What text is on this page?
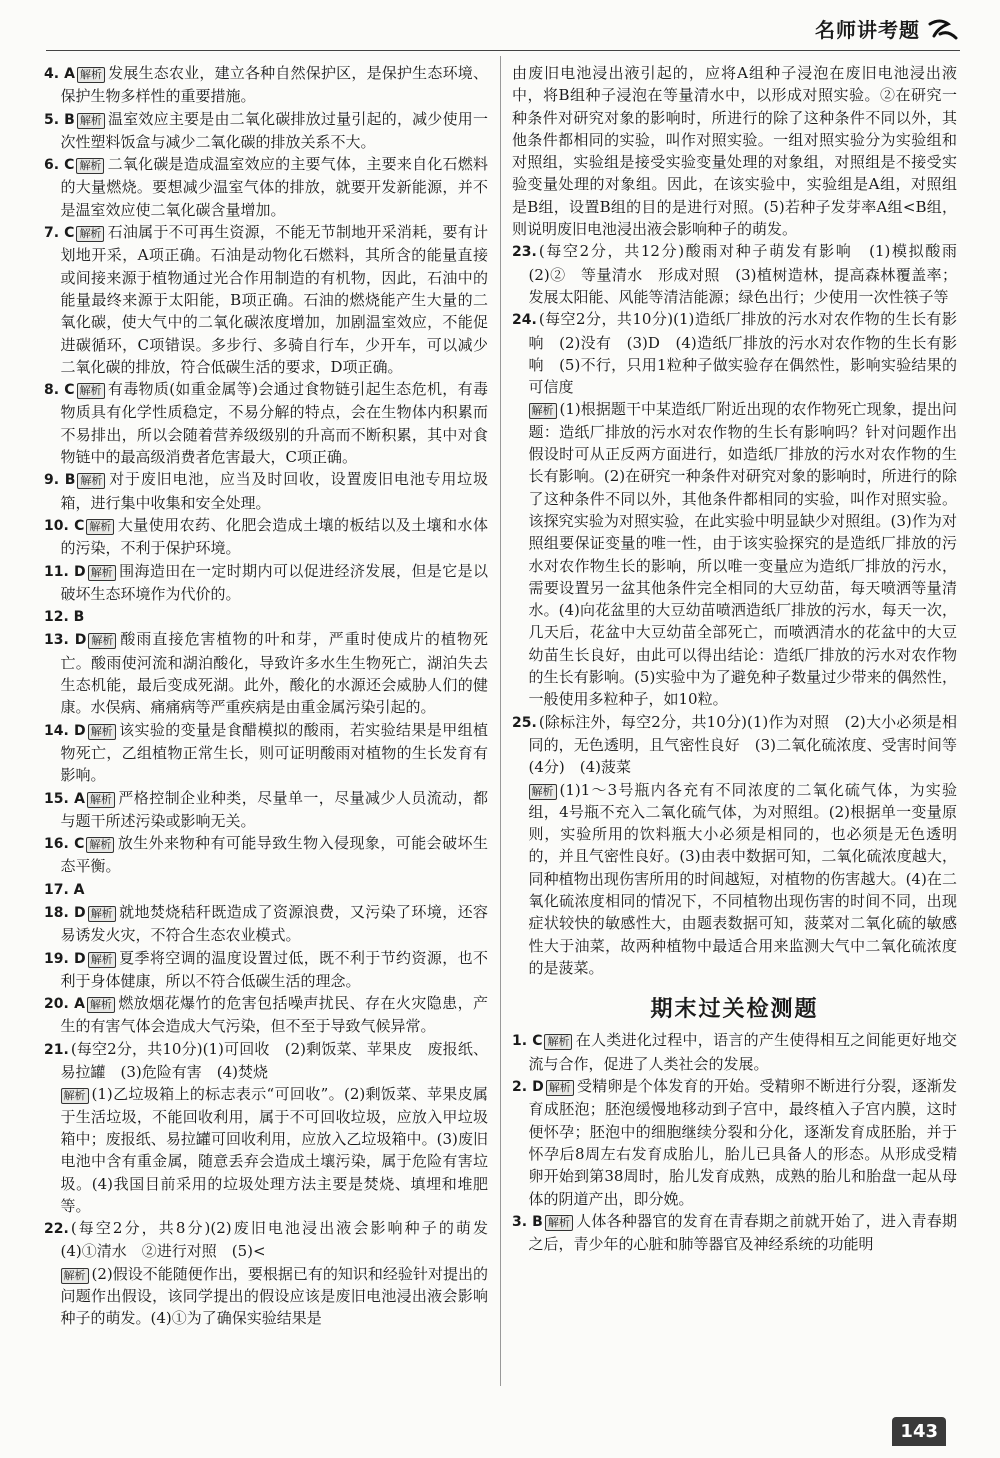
名师讲考题

4. A 解析 发展生态农业，建立各种自然保护区，是保护生态环境、保护生物多样性的重要措施。

5. B 解析 温室效应主要是由二氧化碳排放过量引起的，减少使用一次性塑料饭盒与减少二氧化碳的排放关系不大。

6. C 解析 二氧化碳是造成温室效应的主要气体，主要来自化石燃料的大量燃烧。要想减少温室气体的排放，就要开发新能源，并不是温室效应使二氧化碳含量增加。

7. C 解析 石油属于不可再生资源，不能无节制地开采消耗，要有计划地开采，A项正确。石油是动物化石燃料，其所含的能量直接或间接来源于植物通过光合作用制造的有机物，因此，石油中的能量最终来源于太阳能，B项正确。石油的燃烧能产生大量的二氧化碳，使大气中的二氧化碳浓度增加，加剧温室效应，不能促进碳循环，C项错误。多步行、多骑自行车，少开车，可以减少二氧化碳的排放，符合低碳生活的要求，D项正确。

8. C 解析 有毒物质(如重金属等)会通过食物链引起生态危机，有毒物质具有化学性质稳定，不易分解的特点，会在生物体内积累而不易排出，所以会随着营养级级别的升高而不断积累，其中对食物链中的最高级消费者危害最大，C项正确。

9. B 解析 对于废旧电池，应当及时回收，设置废旧电池专用垃圾箱，进行集中收集和安全处理。

10. C 解析 大量使用农药、化肥会造成土壤的板结以及土壤和水体的污染，不利于保护环境。

11. D 解析 围海造田在一定时期内可以促进经济发展，但是它是以破坏生态环境作为代价的。

12. B

13. D 解析 酸雨直接危害植物的叶和芽，严重时使成片的植物死亡。酸雨使河流和湖泊酸化，导致许多水生生物死亡，湖泊失去生态机能，最后变成死湖。此外，酸化的水源还会威胁人们的健康。水俣病、痛痛病等严重疾病是由重金属污染引起的。

14. D 解析 该实验的变量是食醋模拟的酸雨，若实验结果是甲组植物死亡，乙组植物正常生长，则可证明酸雨对植物的生长发育有影响。

15. A 解析 严格控制企业种类，尽量单一，尽量减少人员流动，都与题干所述污染或影响无关。

16. C 解析 放生外来物种有可能导致生物入侵现象，可能会破坏生态平衡。

17. A

18. D 解析 就地焚烧秸秆既造成了资源浪费，又污染了环境，还容易诱发火灾，不符合生态农业模式。

19. D 解析 夏季将空调的温度设置过低，既不利于节约资源，也不利于身体健康，所以不符合低碳生活的理念。

20. A 解析 燃放烟花爆竹的危害包括噪声扰民、存在火灾隐患，产生的有害气体会造成大气污染，但不至于导致气候异常。

21. (每空2分，共10分)(1)可回收　(2)剩饭菜、苹果皮　废报纸、易拉罐　(3)危险有害　(4)焚烧

解析 (1)乙垃圾箱上的标志表示“可回收”。(2)剩饭菜、苹果皮属于生活垃圾，不能回收利用，属于不可回收垃圾，应放入甲垃圾箱中；废报纸、易拉罐可回收利用，应放入乙垃圾箱中。(3)废旧电池中含有重金属，随意丢弃会造成土壤污染，属于危险有害垃圾。(4)我国目前采用的垃圾处理方法主要是焚烧、填埋和堆肥等。

22. (每空2分，共8分)(2)废旧电池浸出液会影响种子的萌发　(4)①清水　②进行对照　(5)<

解析 (2)假设不能随便作出，要根据已有的知识和经验针对提出的问题作出假设，该同学提出的假设应该是废旧电池浸出液会影响种子的萌发。(4)①为了确保实验结果是

由废旧电池浸出液引起的，应将A组种子浸泡在废旧电池浸出液中，将B组种子浸泡在等量清水中，以形成对照实验。②在研究一种条件对研究对象的影响时，所进行的除了这种条件不同以外，其他条件都相同的实验，叫作对照实验。一组对照实验分为实验组和对照组，实验组是接受实验变量处理的对象组，对照组是不接受实验变量处理的对象组。因此，在该实验中，实验组是A组，对照组是B组，设置B组的目的是进行对照。(5)若种子发芽率A组<B组，则说明废旧电池浸出液会影响种子的萌发。

23. (每空2分，共12分)酸雨对种子萌发有影响　(1)模拟酸雨　(2)②　等量清水　形成对照　(3)植树造林，提高森林覆盖率；发展太阳能、风能等清洁能源；绿色出行；少使用一次性筷子等

24. (每空2分，共10分)(1)造纸厂排放的污水对农作物的生长有影响　(2)没有　(3)D　(4)造纸厂排放的污水对农作物的生长有影响　(5)不行，只用1粒种子做实验存在偶然性，影响实验结果的可信度

解析 (1)根据题干中某造纸厂附近出现的农作物死亡现象，提出问题：造纸厂排放的污水对农作物的生长有影响吗？针对问题作出假设时可从正反两方面进行，如造纸厂排放的污水对农作物的生长有影响。(2)在研究一种条件对研究对象的影响时，所进行的除了这种条件不同以外，其他条件都相同的实验，叫作对照实验。该探究实验为对照实验，在此实验中明显缺少对照组。(3)作为对照组要保证变量的唯一性，由于该实验探究的是造纸厂排放的污水对农作物生长的影响，所以唯一变量应为造纸厂排放的污水，需要设置另一盆其他条件完全相同的大豆幼苗，每天喷洒等量清水。(4)向花盆里的大豆幼苗喷洒造纸厂排放的污水，每天一次，几天后，花盆中大豆幼苗全部死亡，而喷洒清水的花盆中的大豆幼苗生长良好，由此可以得出结论：造纸厂排放的污水对农作物的生长有影响。(5)实验中为了避免种子数量过少带来的偶然性，一般使用多粒种子，如10粒。

25. (除标注外，每空2分，共10分)(1)作为对照　(2)大小必须是相同的，无色透明，且气密性良好　(3)二氧化硫浓度、受害时间等(4分)　(4)菠菜

解析 (1)1～3号瓶内各充有不同浓度的二氧化硫气体，为实验组，4号瓶不充入二氧化硫气体，为对照组。(2)根据单一变量原则，实验所用的饮料瓶大小必须是相同的，也必须是无色透明的，并且气密性良好。(3)由表中数据可知，二氧化硫浓度越大，同种植物出现伤害所用的时间越短，对植物的伤害越大。(4)在二氧化硫浓度相同的情况下，不同植物出现伤害的时间不同，出现症状较快的敏感性大，由题表数据可知，菠菜对二氧化硫的敏感性大于油菜，故两种植物中最适合用来监测大气中二氧化硫浓度的是菠菜。

期末过关检测题

1. C 解析 在人类进化过程中，语言的产生使得相互之间能更好地交流与合作，促进了人类社会的发展。

2. D 解析 受精卵是个体发育的开始。受精卵不断进行分裂，逐渐发育成胚泡；胚泡缓慢地移动到子宫中，最终植入子宫内膜，这时便怀孕；胚泡中的细胞继续分裂和分化，逐渐发育成胚胎，并于怀孕后8周左右发育成胎儿，胎儿已具备人的形态。从形成受精卵开始到第38周时，胎儿发育成熟，成熟的胎儿和胎盘一起从母体的阴道产出，即分娩。

3. B 解析 人体各种器官的发育在青春期之前就开始了，进入青春期之后，青少年的心脏和肺等器官及神经系统的功能明

143
